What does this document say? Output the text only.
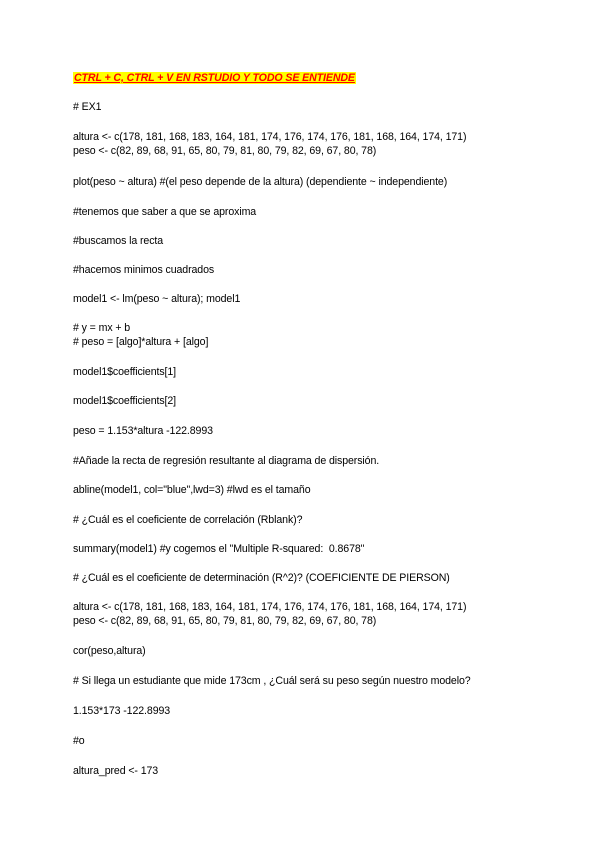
CTRL + C, CTRL + V EN RSTUDIO Y TODO SE ENTIENDE
# EX1
altura <- c(178, 181, 168, 183, 164, 181, 174, 176, 174, 176, 181, 168, 164, 174, 171)
peso <- c(82, 89, 68, 91, 65, 80, 79, 81, 80, 79, 82, 69, 67, 80, 78)
plot(peso ~ altura) #(el peso depende de la altura) (dependiente ~ independiente)
#tenemos que saber a que se aproxima
#buscamos la recta
#hacemos minimos cuadrados
model1 <- lm(peso ~ altura); model1
# y = mx + b
# peso = [algo]*altura + [algo]
model1$coefficients[1]
model1$coefficients[2]
peso = 1.153*altura -122.8993
#Añade la recta de regresión resultante al diagrama de dispersión.
abline(model1, col="blue",lwd=3) #lwd es el tamaño
# ¿Cuál es el coeficiente de correlación (Rblank)?
summary(model1) #y cogemos el "Multiple R-squared:  0.8678"
# ¿Cuál es el coeficiente de determinación (R^2)? (COEFICIENTE DE PIERSON)
altura <- c(178, 181, 168, 183, 164, 181, 174, 176, 174, 176, 181, 168, 164, 174, 171)
peso <- c(82, 89, 68, 91, 65, 80, 79, 81, 80, 79, 82, 69, 67, 80, 78)
cor(peso,altura)
# Si llega un estudiante que mide 173cm , ¿Cuál será su peso según nuestro modelo?
1.153*173 -122.8993
#o
altura_pred <- 173
